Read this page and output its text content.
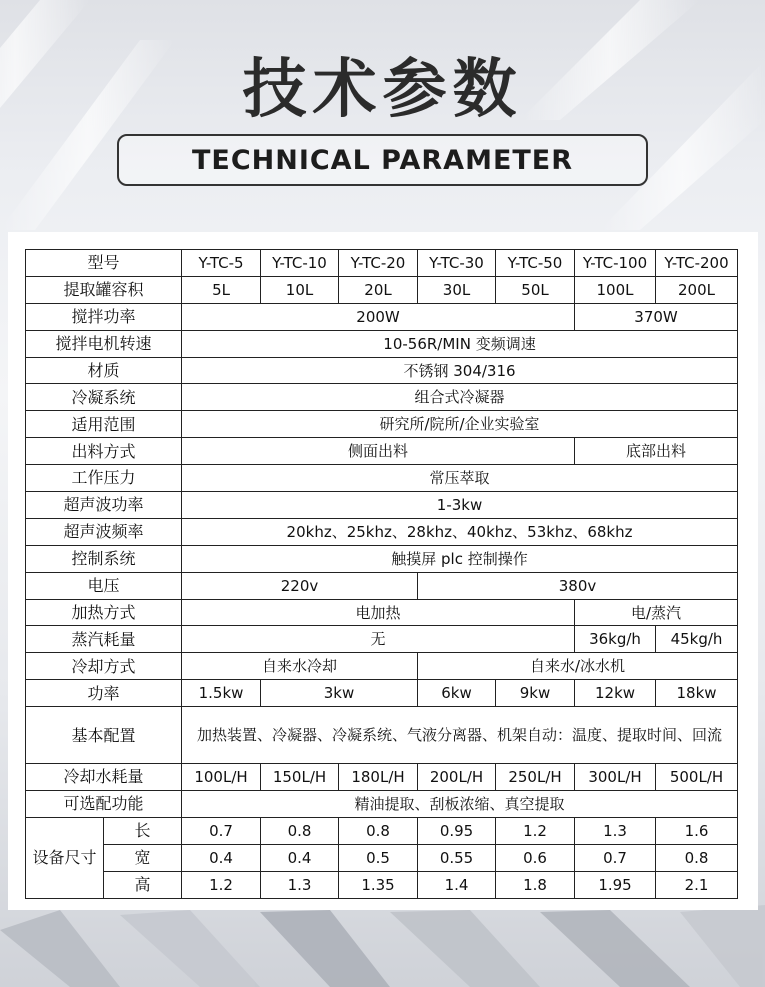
技术参数
TECHNICAL PARAMETER
型号		Y-TC-5	Y-TC-10	Y-TC-20	Y-TC-30	Y-TC-50	Y-TC-100	Y-TC-200
提取罐容积		5L	10L	20L	30L	50L	100L	200L
搅拌功率		200W					370W	
搅拌电机转速		10-56R/MIN 变频调速						
材质		不锈钢 304/316						
冷凝系统		组合式冷凝器						
适用范围		研究所/院所/企业实验室						
出料方式		侧面出料					底部出料	
工作压力		常压萃取						
超声波功率		1-3kw						
超声波频率		20khz、25khz、28khz、40khz、53khz、68khz						
控制系统		触摸屏 plc 控制操作						
电压		220v			380v			
加热方式		电加热					电/蒸汽	
蒸汽耗量		无					36kg/h	45kg/h
冷却方式		自来水冷却			自来水/冰水机			
功率		1.5kw	3kw		6kw	9kw	12kw	18kw
基本配置		加热装置、冷凝器、冷凝系统、气液分离器、机架自动：温度、提取时间、回流						
冷却水耗量		100L/H	150L/H	180L/H	200L/H	250L/H	300L/H	500L/H
可选配功能		精油提取、刮板浓缩、真空提取						
设备尺寸	长	0.7	0.8	0.8	0.95	1.2	1.3	1.6
	宽	0.4	0.4	0.5	0.55	0.6	0.7	0.8
	高	1.2	1.3	1.35	1.4	1.8	1.95	2.1
